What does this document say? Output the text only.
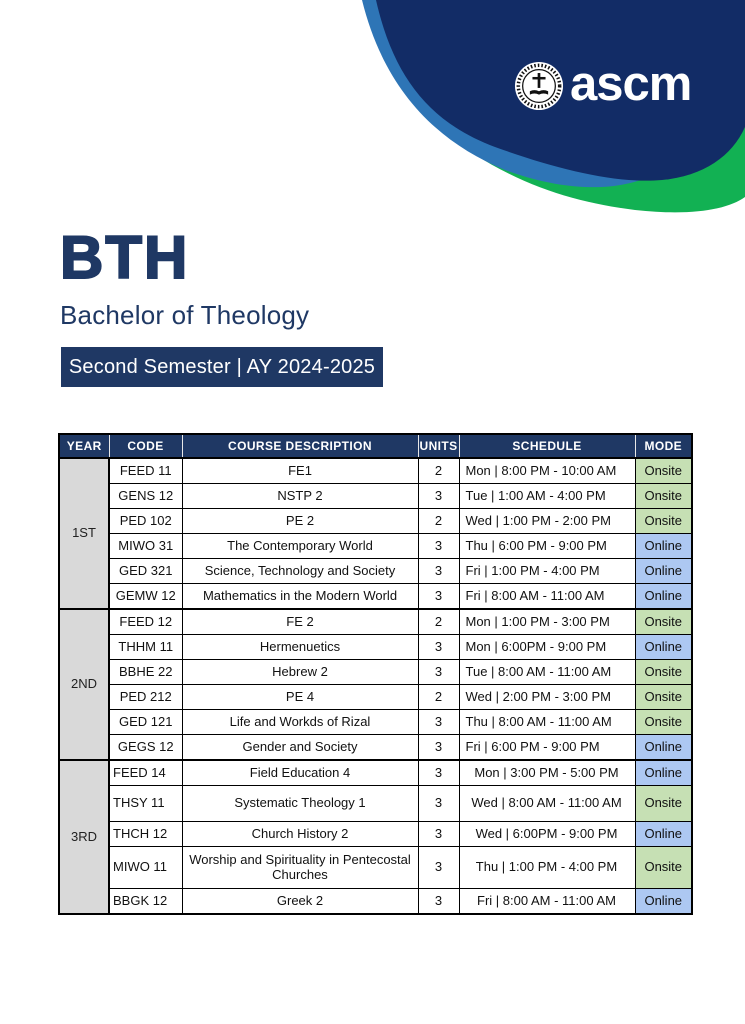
ascm
BTH
Bachelor of Theology
Second Semester | AY 2024-2025
YEAR	CODE	COURSE DESCRIPTION	UNITS	SCHEDULE	MODE
1ST	FEED 11	FE1	2	Mon | 8:00 PM - 10:00 AM	Onsite
	GENS 12	NSTP 2	3	Tue | 1:00 AM - 4:00 PM	Onsite
	PED 102	PE 2	2	Wed | 1:00 PM - 2:00 PM	Onsite
	MIWO 31	The Contemporary World	3	Thu | 6:00 PM - 9:00 PM	Online
	GED 321	Science, Technology and Society	3	Fri | 1:00 PM - 4:00 PM	Online
	GEMW 12	Mathematics in the Modern World	3	Fri | 8:00 AM - 11:00 AM	Online
2ND	FEED 12	FE 2	2	Mon | 1:00 PM - 3:00 PM	Onsite
	THHM 11	Hermenuetics	3	Mon | 6:00PM - 9:00 PM	Online
	BBHE 22	Hebrew 2	3	Tue | 8:00 AM - 11:00 AM	Onsite
	PED 212	PE 4	2	Wed | 2:00 PM - 3:00 PM	Onsite
	GED 121	Life and Workds of Rizal	3	Thu | 8:00 AM - 11:00 AM	Onsite
	GEGS 12	Gender and Society	3	Fri | 6:00 PM - 9:00 PM	Online
3RD	FEED 14	Field Education 4	3	Mon | 3:00 PM - 5:00 PM	Online
	THSY 11	Systematic Theology 1	3	Wed | 8:00 AM - 11:00 AM	Onsite
	THCH 12	Church History 2	3	Wed | 6:00PM - 9:00 PM	Online
	MIWO 11	Worship and Spirituality in Pentecostal Churches	3	Thu | 1:00 PM - 4:00 PM	Onsite
	BBGK 12	Greek 2	3	Fri | 8:00 AM - 11:00 AM	Online
